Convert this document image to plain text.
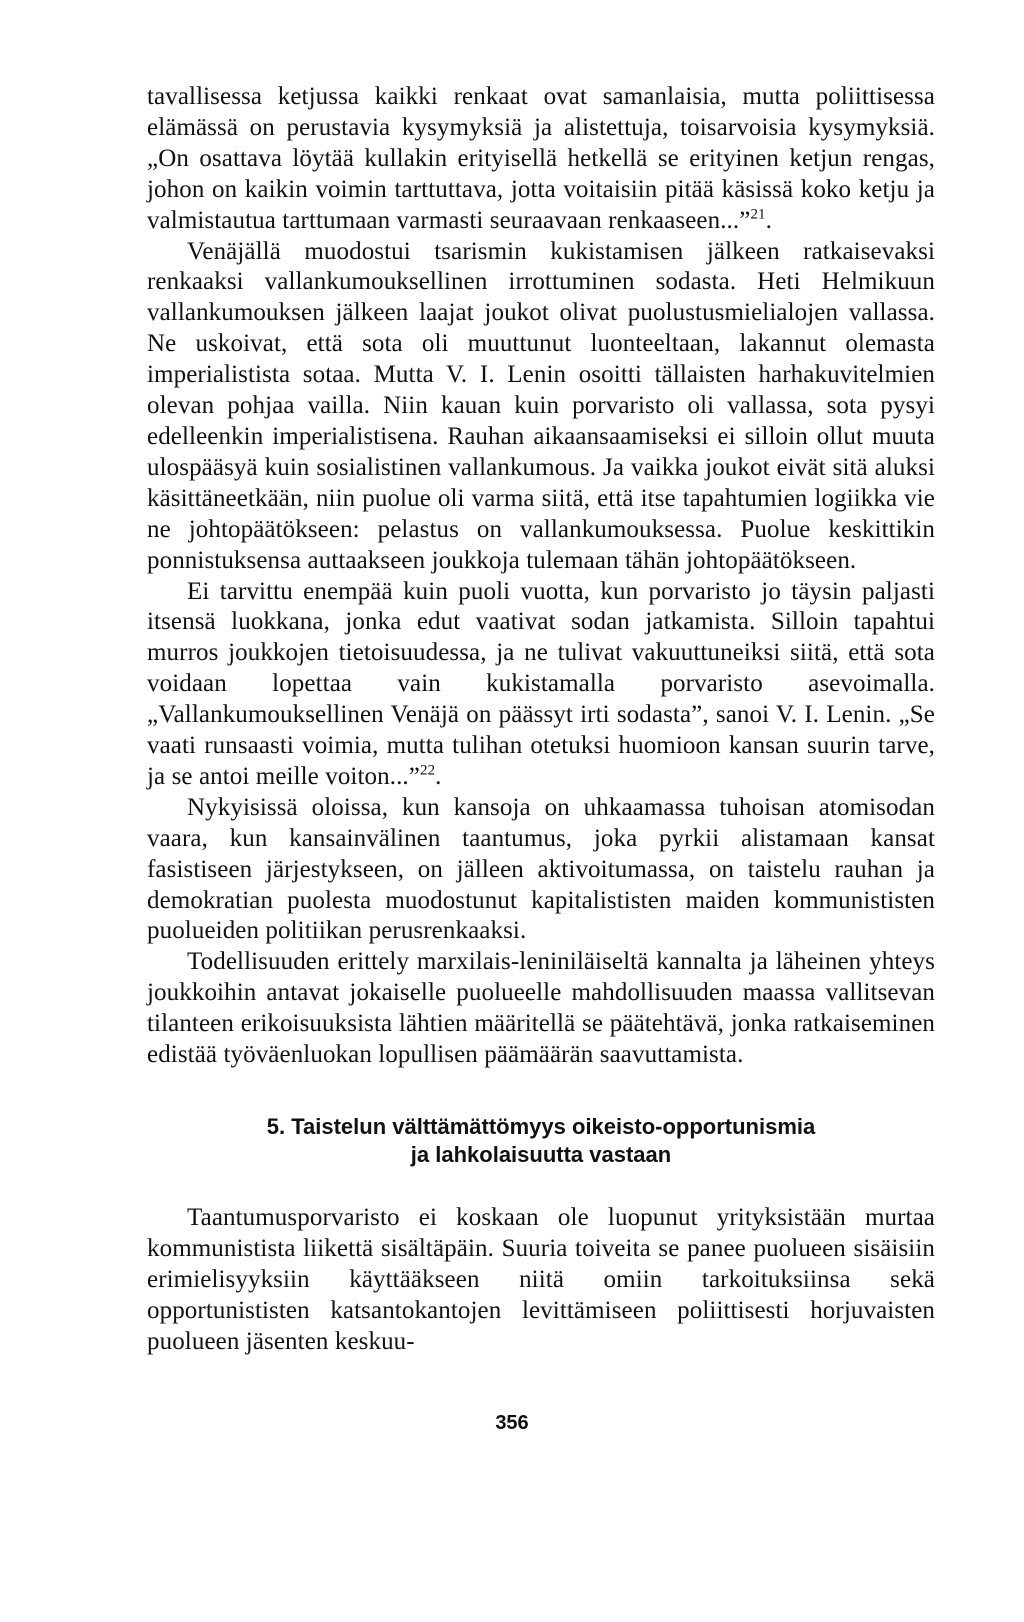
tavallisessa ketjussa kaikki renkaat ovat samanlaisia, mutta poliittisessa elämässä on perustavia kysymyksiä ja alistettuja, toisarvoisia kysymyksiä. „On osattava löytää kullakin erityisellä hetkellä se erityinen ketjun rengas, johon on kaikin voimin tarttuttava, jotta voitaisiin pitää käsissä koko ketju ja valmistautua tarttumaan varmasti seuraavaan renkaaseen...”$^{21}$.

Venäjällä muodostui tsarismin kukistamisen jälkeen ratkaisevaksi renkaaksi vallankumouksellinen irrottuminen sodasta. Heti Helmikuun vallankumouksen jälkeen laajat joukot olivat puolustusmielialojen vallassa. Ne uskoivat, että sota oli muuttunut luonteeltaan, lakannut olemasta imperialistista sotaa. Mutta V. I. Lenin osoitti tällaisten harhakuvitelmien olevan pohjaa vailla. Niin kauan kuin porvaristo oli vallassa, sota pysyi edelleenkin imperialistisena. Rauhan aikaansaamiseksi ei silloin ollut muuta ulospääsyä kuin sosialistinen vallankumous. Ja vaikka joukot eivät sitä aluksi käsittäneetkään, niin puolue oli varma siitä, että itse tapahtumien logiikka vie ne johtopäätökseen: pelastus on vallankumouksessa. Puolue keskittikin ponnistuksensa auttaakseen joukkoja tulemaan tähän johtopäätökseen.

Ei tarvittu enempää kuin puoli vuotta, kun porvaristo jo täysin paljasti itsensä luokkana, jonka edut vaativat sodan jatkamista. Silloin tapahtui murros joukkojen tietoisuudessa, ja ne tulivat vakuuttuneiksi siitä, että sota voidaan lopettaa vain kukistamalla porvaristo asevoimalla. „Vallankumouksellinen Venäjä on päässyt irti sodasta”, sanoi V. I. Lenin. „Se vaati runsaasti voimia, mutta tulihan otetuksi huomioon kansan suurin tarve, ja se antoi meille voiton...”$^{22}$.

Nykyisissä oloissa, kun kansoja on uhkaamassa tuhoisan atomisodan vaara, kun kansainvälinen taantumus, joka pyrkii alistamaan kansat fasistiseen järjestykseen, on jälleen aktivoitumassa, on taistelu rauhan ja demokratian puolesta muodostunut kapitalististen maiden kommunististen puolueiden politiikan perusrenkaaksi.

Todellisuuden erittely marxilais-leniniläiseltä kannalta ja läheinen yhteys joukkoihin antavat jokaiselle puolueelle mahdollisuuden maassa vallitsevan tilanteen erikoisuuksista lähtien määritellä se päätehtävä, jonka ratkaiseminen edistää työväenluokan lopullisen päämäärän saavuttamista.

5. Taistelun välttämättömyys oikeisto-opportunismia
ja lahkolaisuutta vastaan

Taantumusporvaristo ei koskaan ole luopunut yrityksistään murtaa kommunistista liikettä sisältäpäin. Suuria toiveita se panee puolueen sisäisiin erimielisyyksiin käyttääkseen niitä omiin tarkoituksiinsa sekä opportunististen katsantokantojen levittämiseen poliittisesti horjuvaisten puolueen jäsenten keskuu-

356
